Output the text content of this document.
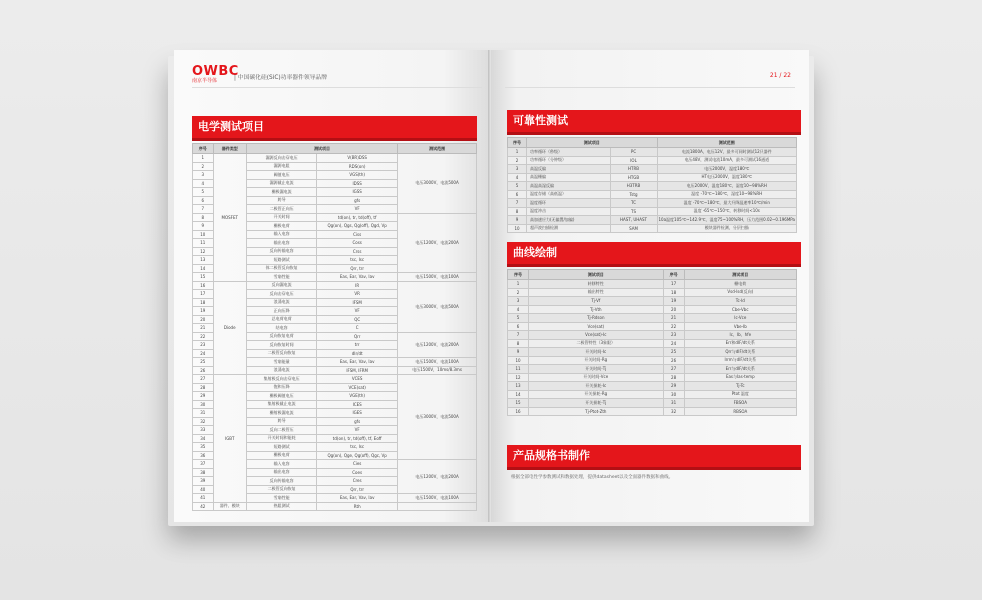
OWBC
南京半导体	| 中国碳化硅(SiC)功率器件领导品牌
电学测试项目
序号	器件类型	测试项目		测试范围
1	MOSFET	漏源反向击穿电压	V(BR)DSS	电压3000V，电流500A
2		漏源电阻	RDS(on)	
3		阈值电压	VGS(th)	
4		漏源截止电流	IDSS	
5		栅极漏电流	IGSS	
6		跨导	gfs	
7		二极管正向压	VF	
8		开关时间	td(on), tr, td(off), tf	电压1200V，电流200A
9		栅极电荷	Qg(on), Qgs, Qg(off), Qgd, Vp	
10		输入电容	Ciss	
11		输出电容	Coss	
12		反向传输电容	Crss	
13		短路测试	tsc, Isc	
14		体二极管反向恢复	Qrr, trr	
15		雪崩性能	Eas, Ear, Vav, Iav	电压1500V，电流100A
16	Diode	反向漏电流	IR	电压3000V，电流500A
17		反向击穿电压	VR	
18		浪涌电流	IFSM	
19		正向压降	VF	
20		总电荷电荷	QC	
21		结电容	C	
22		反向恢复电荷	Qrr	电压1200V，电流200A
23		反向恢复时间	trr	
24		二极管反向恢复	dIr/dt	
25		雪崩能量	Eas, Ear, Vav, Iav	电压1500V，电流100A
26		浪涌电流	IFSM, IFRM	电压1500V，10ms/8.3ms
27	IGBT	集射极反向击穿电压	VCES	电压3000V，电流500A
28		饱和压降	VCE(sat)	
29		栅极阈值电压	VGE(th)	
30		集射极截止电流	ICES	
31		栅射极漏电流	IGES	
32		跨导	gfs	
33		反向二极管压	VF	
34		开关时间和能耗	td(on), tr, td(off), tf, Eoff	
35		短路测试	tsc, Isc	
36		栅极电荷	Qg(on), Qge, Qg(off), Qgc, Vp	
37		输入电容	Cies	电压1200V，电流200A
38		输出电容	Coes	
39		反向传输电容	Cres	
40		二极管反向恢复	Qrr, trr	
41		雪崩性能	Eas, Ear, Vav, Iav	电压1500V，电流100A
42	器件、模块	热阻测试	Rth	
21 / 22
可靠性测试
序号	测试项目		测试范围
1	功率循环（秒级）	PC	电流1800A，电压12V，最多可同时测试12只器件
2	功率循环（分钟级）	IOL	电压48V，测试电流10mA，最多可测试16通道
3	高温反偏	HTRB	电压2000V，温度180℃
4	高温栅偏	HTGB	HT电压2000V，温度180℃
5	高温高湿反偏	H3TRB	电压2000V，温度180℃，湿度10~98%RH
6	温度存储（高低温）	Tstg	温度 -70℃~180℃，湿度10~98%RH
7	温度循环	TC	温度 -70℃~180℃，最大升降温速率10℃/min
8	温度冲击	TS	温度 -65℃~150℃，转移时间<10s
9	高加速应力(无偏置/加偏)	HAST, UHAST	10a温度105℃~142.9℃，湿度75~100%RH，压力范围0.02~0.196MPa
10	超声波扫描检测	SAM	模块器件检测，分层扫描
曲线绘制
序号	测试项目	序号	测试项目
1	转移特性	17	栅电荷
2	输出特性	18	Vsd-Isd(反向)
3	Tj-Vf	19	Tc-Id
4	Tj-Vth	20	Cbe-Vbc
5	Tj-Rdson	21	Ic-Vce
6	Vce(sat)	22	Vbe-Ib
7	Vce(sat)-Ic	23	Ic、Ib、hfe
8	二极管特性（3象限）	24	Err和dIF/dt关系
9	开关时间-Ic	25	Qrr与dIF/dt关系
10	开关时间-Rg	26	Irrm与dIF/dt关系
11	开关时间-Tj	27	Err与dIF/dt关系
12	开关时间-Vce	28	Eas与Ias-temp
13	开关损耗-Ic	29	Tj-Tc
14	开关损耗-Rg	30	Ptot 温度
15	开关损耗-Tj	31	FBSOA
16	Tj-Ptot-Zth	32	RBSOA
产品规格书制作
根据全部电性学参数测试和数据处理，提供datasheet以及全面器件数据和曲线。
